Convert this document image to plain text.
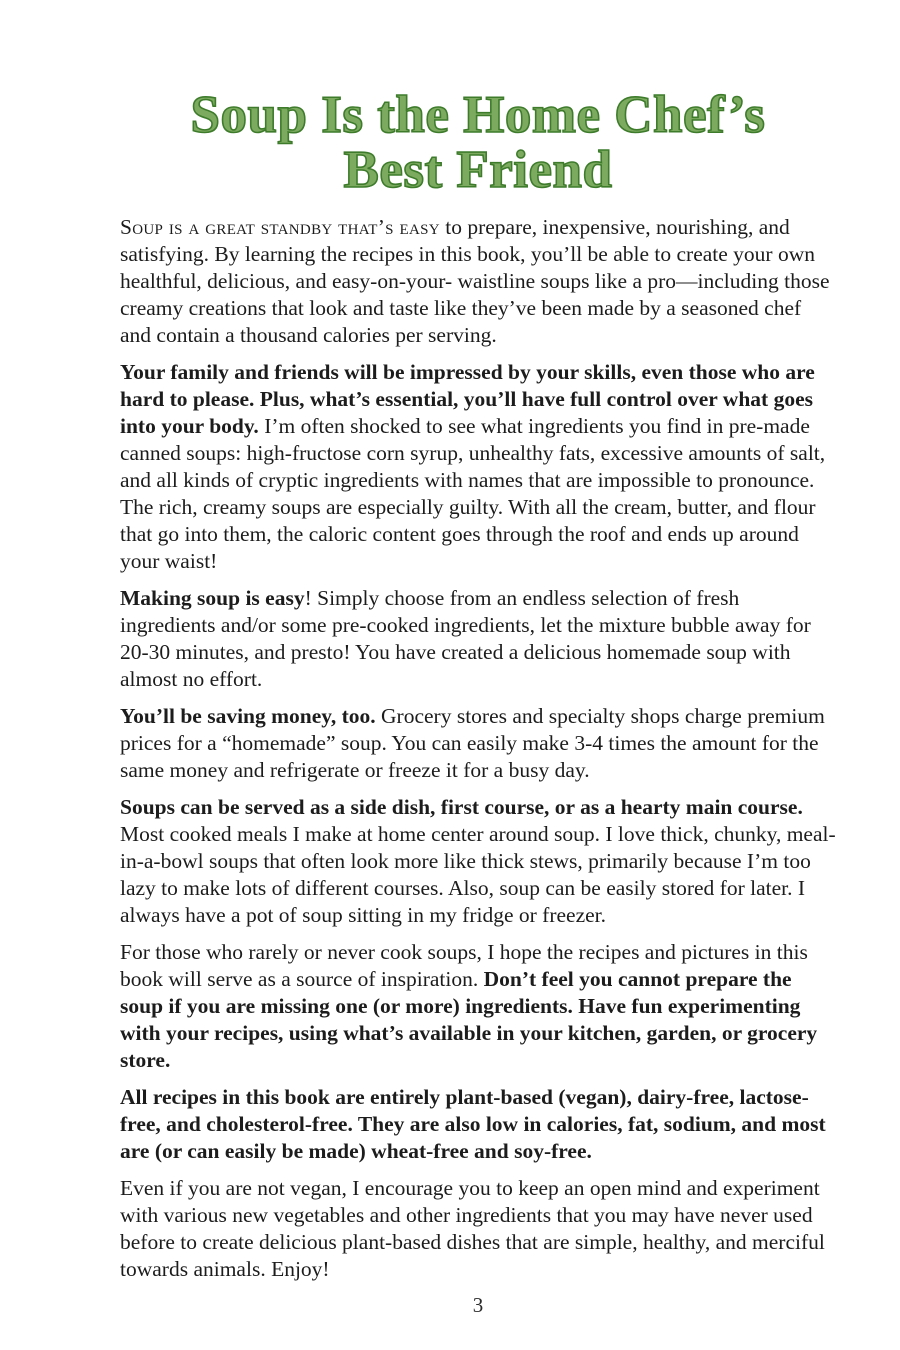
Soup Is the Home Chef’s
Best Friend

Soup is a great standby that’s easy to prepare, inexpensive, nourishing, and satisfying. By learning the recipes in this book, you’ll be able to create your own healthful, delicious, and easy-on-your- waistline soups like a pro—including those creamy creations that look and taste like they’ve been made by a seasoned chef and contain a thousand calories per serving.

Your family and friends will be impressed by your skills, even those who are hard to please. Plus, what’s essential, you’ll have full control over what goes into your body. I’m often shocked to see what ingredients you find in pre-made canned soups: high-fructose corn syrup, unhealthy fats, excessive amounts of salt, and all kinds of cryptic ingredients with names that are impossible to pronounce. The rich, creamy soups are especially guilty. With all the cream, butter, and flour that go into them, the caloric content goes through the roof and ends up around your waist!

Making soup is easy! Simply choose from an endless selection of fresh ingredients and/or some pre-cooked ingredients, let the mixture bubble away for 20-30 minutes, and presto! You have created a delicious homemade soup with almost no effort.

You’ll be saving money, too. Grocery stores and specialty shops charge premium prices for a “homemade” soup. You can easily make 3-4 times the amount for the same money and refrigerate or freeze it for a busy day.

Soups can be served as a side dish, first course, or as a hearty main course. Most cooked meals I make at home center around soup. I love thick, chunky, meal-in-a-bowl soups that often look more like thick stews, primarily because I’m too lazy to make lots of different courses. Also, soup can be easily stored for later. I always have a pot of soup sitting in my fridge or freezer.

For those who rarely or never cook soups, I hope the recipes and pictures in this book will serve as a source of inspiration. Don’t feel you cannot prepare the soup if you are missing one (or more) ingredients. Have fun experimenting with your recipes, using what’s available in your kitchen, garden, or grocery store.

All recipes in this book are entirely plant-based (vegan), dairy-free, lactose-free, and cholesterol-free. They are also low in calories, fat, sodium, and most are (or can easily be made) wheat-free and soy-free.

Even if you are not vegan, I encourage you to keep an open mind and experiment with various new vegetables and other ingredients that you may have never used before to create delicious plant-based dishes that are simple, healthy, and merciful towards animals. Enjoy!

3
